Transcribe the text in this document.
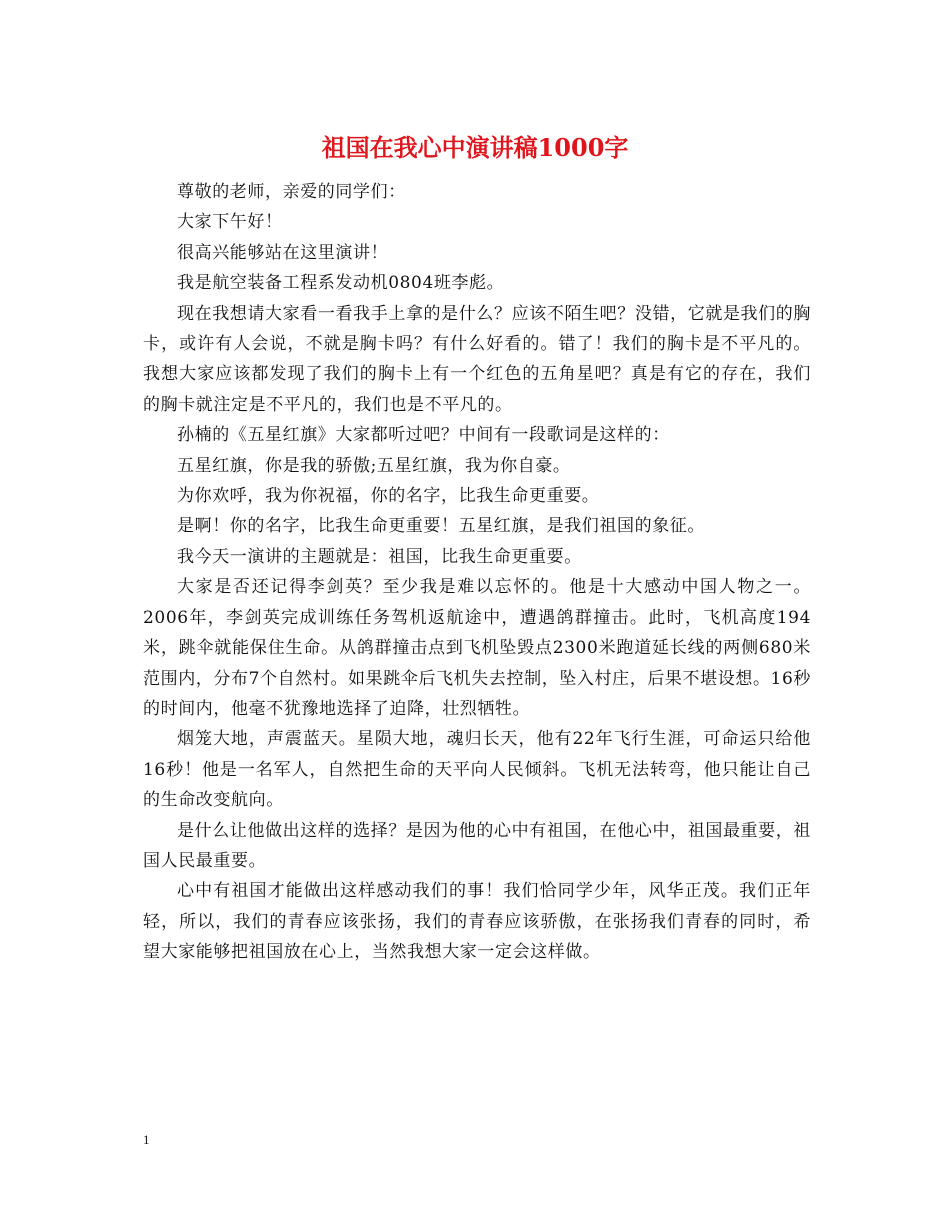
祖国在我心中演讲稿1000字

尊敬的老师，亲爱的同学们：

大家下午好！

很高兴能够站在这里演讲！

我是航空装备工程系发动机0804班李彪。

现在我想请大家看一看我手上拿的是什么？应该不陌生吧？没错，它就是我们的胸卡，或许有人会说，不就是胸卡吗？有什么好看的。错了！我们的胸卡是不平凡的。我想大家应该都发现了我们的胸卡上有一个红色的五角星吧？真是有它的存在，我们的胸卡就注定是不平凡的，我们也是不平凡的。

孙楠的《五星红旗》大家都听过吧？中间有一段歌词是这样的：

五星红旗，你是我的骄傲;五星红旗，我为你自豪。

为你欢呼，我为你祝福，你的名字，比我生命更重要。

是啊！你的名字，比我生命更重要！五星红旗，是我们祖国的象征。

我今天一演讲的主题就是：祖国，比我生命更重要。

大家是否还记得李剑英？至少我是难以忘怀的。他是十大感动中国人物之一。2006年，李剑英完成训练任务驾机返航途中，遭遇鸽群撞击。此时，飞机高度194米，跳伞就能保住生命。从鸽群撞击点到飞机坠毁点2300米跑道延长线的两侧680米范围内，分布7个自然村。如果跳伞后飞机失去控制，坠入村庄，后果不堪设想。16秒的时间内，他毫不犹豫地选择了迫降，壮烈牺牲。

烟笼大地，声震蓝天。星陨大地，魂归长天，他有22年飞行生涯，可命运只给他16秒！他是一名军人，自然把生命的天平向人民倾斜。飞机无法转弯，他只能让自己的生命改变航向。

是什么让他做出这样的选择？是因为他的心中有祖国，在他心中，祖国最重要，祖国人民最重要。

心中有祖国才能做出这样感动我们的事！我们恰同学少年，风华正茂。我们正年轻，所以，我们的青春应该张扬，我们的青春应该骄傲，在张扬我们青春的同时，希望大家能够把祖国放在心上，当然我想大家一定会这样做。

1
